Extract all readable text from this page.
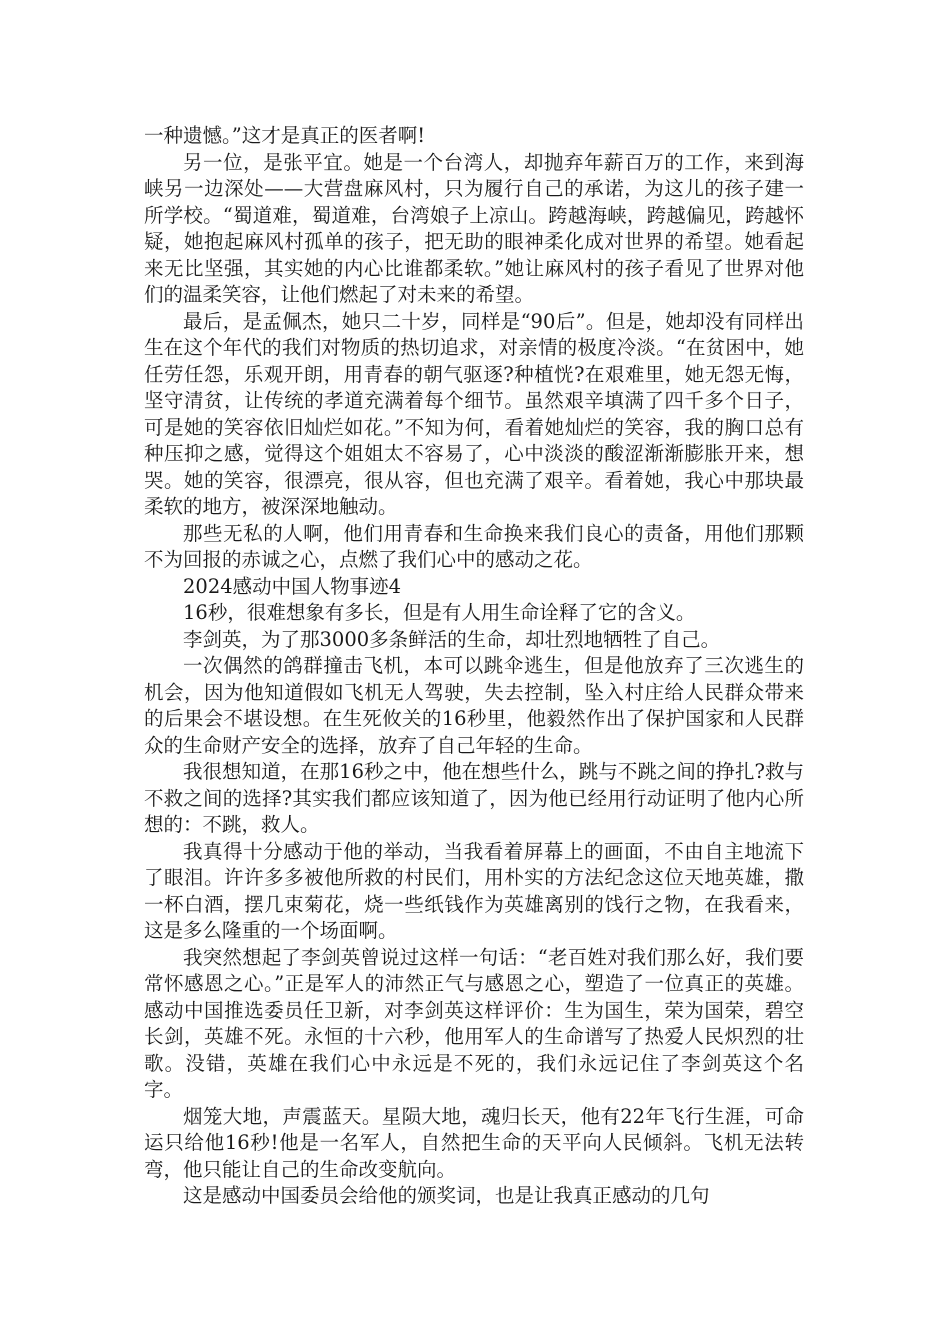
一种遗憾。”这才是真正的医者啊!

另一位，是张平宜。她是一个台湾人，却抛弃年薪百万的工作，来到海峡另一边深处——大营盘麻风村，只为履行自己的承诺，为这儿的孩子建一所学校。“蜀道难，蜀道难，台湾娘子上凉山。跨越海峡，跨越偏见，跨越怀疑，她抱起麻风村孤单的孩子，把无助的眼神柔化成对世界的希望。她看起来无比坚强，其实她的内心比谁都柔软。”她让麻风村的孩子看见了世界对他们的温柔笑容，让他们燃起了对未来的希望。

最后，是孟佩杰，她只二十岁，同样是“90后”。但是，她却没有同样出生在这个年代的我们对物质的热切追求，对亲情的极度冷淡。“在贫困中，她任劳任怨，乐观开朗，用青春的朝气驱逐?种植恍?在艰难里，她无怨无悔，坚守清贫，让传统的孝道充满着每个细节。虽然艰辛填满了四千多个日子，可是她的笑容依旧灿烂如花。”不知为何，看着她灿烂的笑容，我的胸口总有种压抑之感，觉得这个姐姐太不容易了，心中淡淡的酸涩渐渐膨胀开来，想哭。她的笑容，很漂亮，很从容，但也充满了艰辛。看着她，我心中那块最柔软的地方，被深深地触动。

那些无私的人啊，他们用青春和生命换来我们良心的责备，用他们那颗不为回报的赤诚之心，点燃了我们心中的感动之花。

2024感动中国人物事迹4

16秒，很难想象有多长，但是有人用生命诠释了它的含义。

李剑英，为了那3000多条鲜活的生命，却壮烈地牺牲了自己。

一次偶然的鸽群撞击飞机，本可以跳伞逃生，但是他放弃了三次逃生的机会，因为他知道假如飞机无人驾驶，失去控制，坠入村庄给人民群众带来的后果会不堪设想。在生死攸关的16秒里，他毅然作出了保护国家和人民群众的生命财产安全的选择，放弃了自己年轻的生命。

我很想知道，在那16秒之中，他在想些什么，跳与不跳之间的挣扎?救与不救之间的选择?其实我们都应该知道了，因为他已经用行动证明了他内心所想的：不跳，救人。

我真得十分感动于他的举动，当我看着屏幕上的画面，不由自主地流下了眼泪。许许多多被他所救的村民们，用朴实的方法纪念这位天地英雄，撒一杯白酒，摆几束菊花，烧一些纸钱作为英雄离别的饯行之物，在我看来，这是多么隆重的一个场面啊。

我突然想起了李剑英曾说过这样一句话：“老百姓对我们那么好，我们要常怀感恩之心。”正是军人的沛然正气与感恩之心，塑造了一位真正的英雄。感动中国推选委员任卫新，对李剑英这样评价：生为国生，荣为国荣，碧空长剑，英雄不死。永恒的十六秒，他用军人的生命谱写了热爱人民炽烈的壮歌。没错，英雄在我们心中永远是不死的，我们永远记住了李剑英这个名字。

烟笼大地，声震蓝天。星陨大地，魂归长天，他有22年飞行生涯，可命运只给他16秒!他是一名军人，自然把生命的天平向人民倾斜。飞机无法转弯，他只能让自己的生命改变航向。

这是感动中国委员会给他的颁奖词，也是让我真正感动的几句
